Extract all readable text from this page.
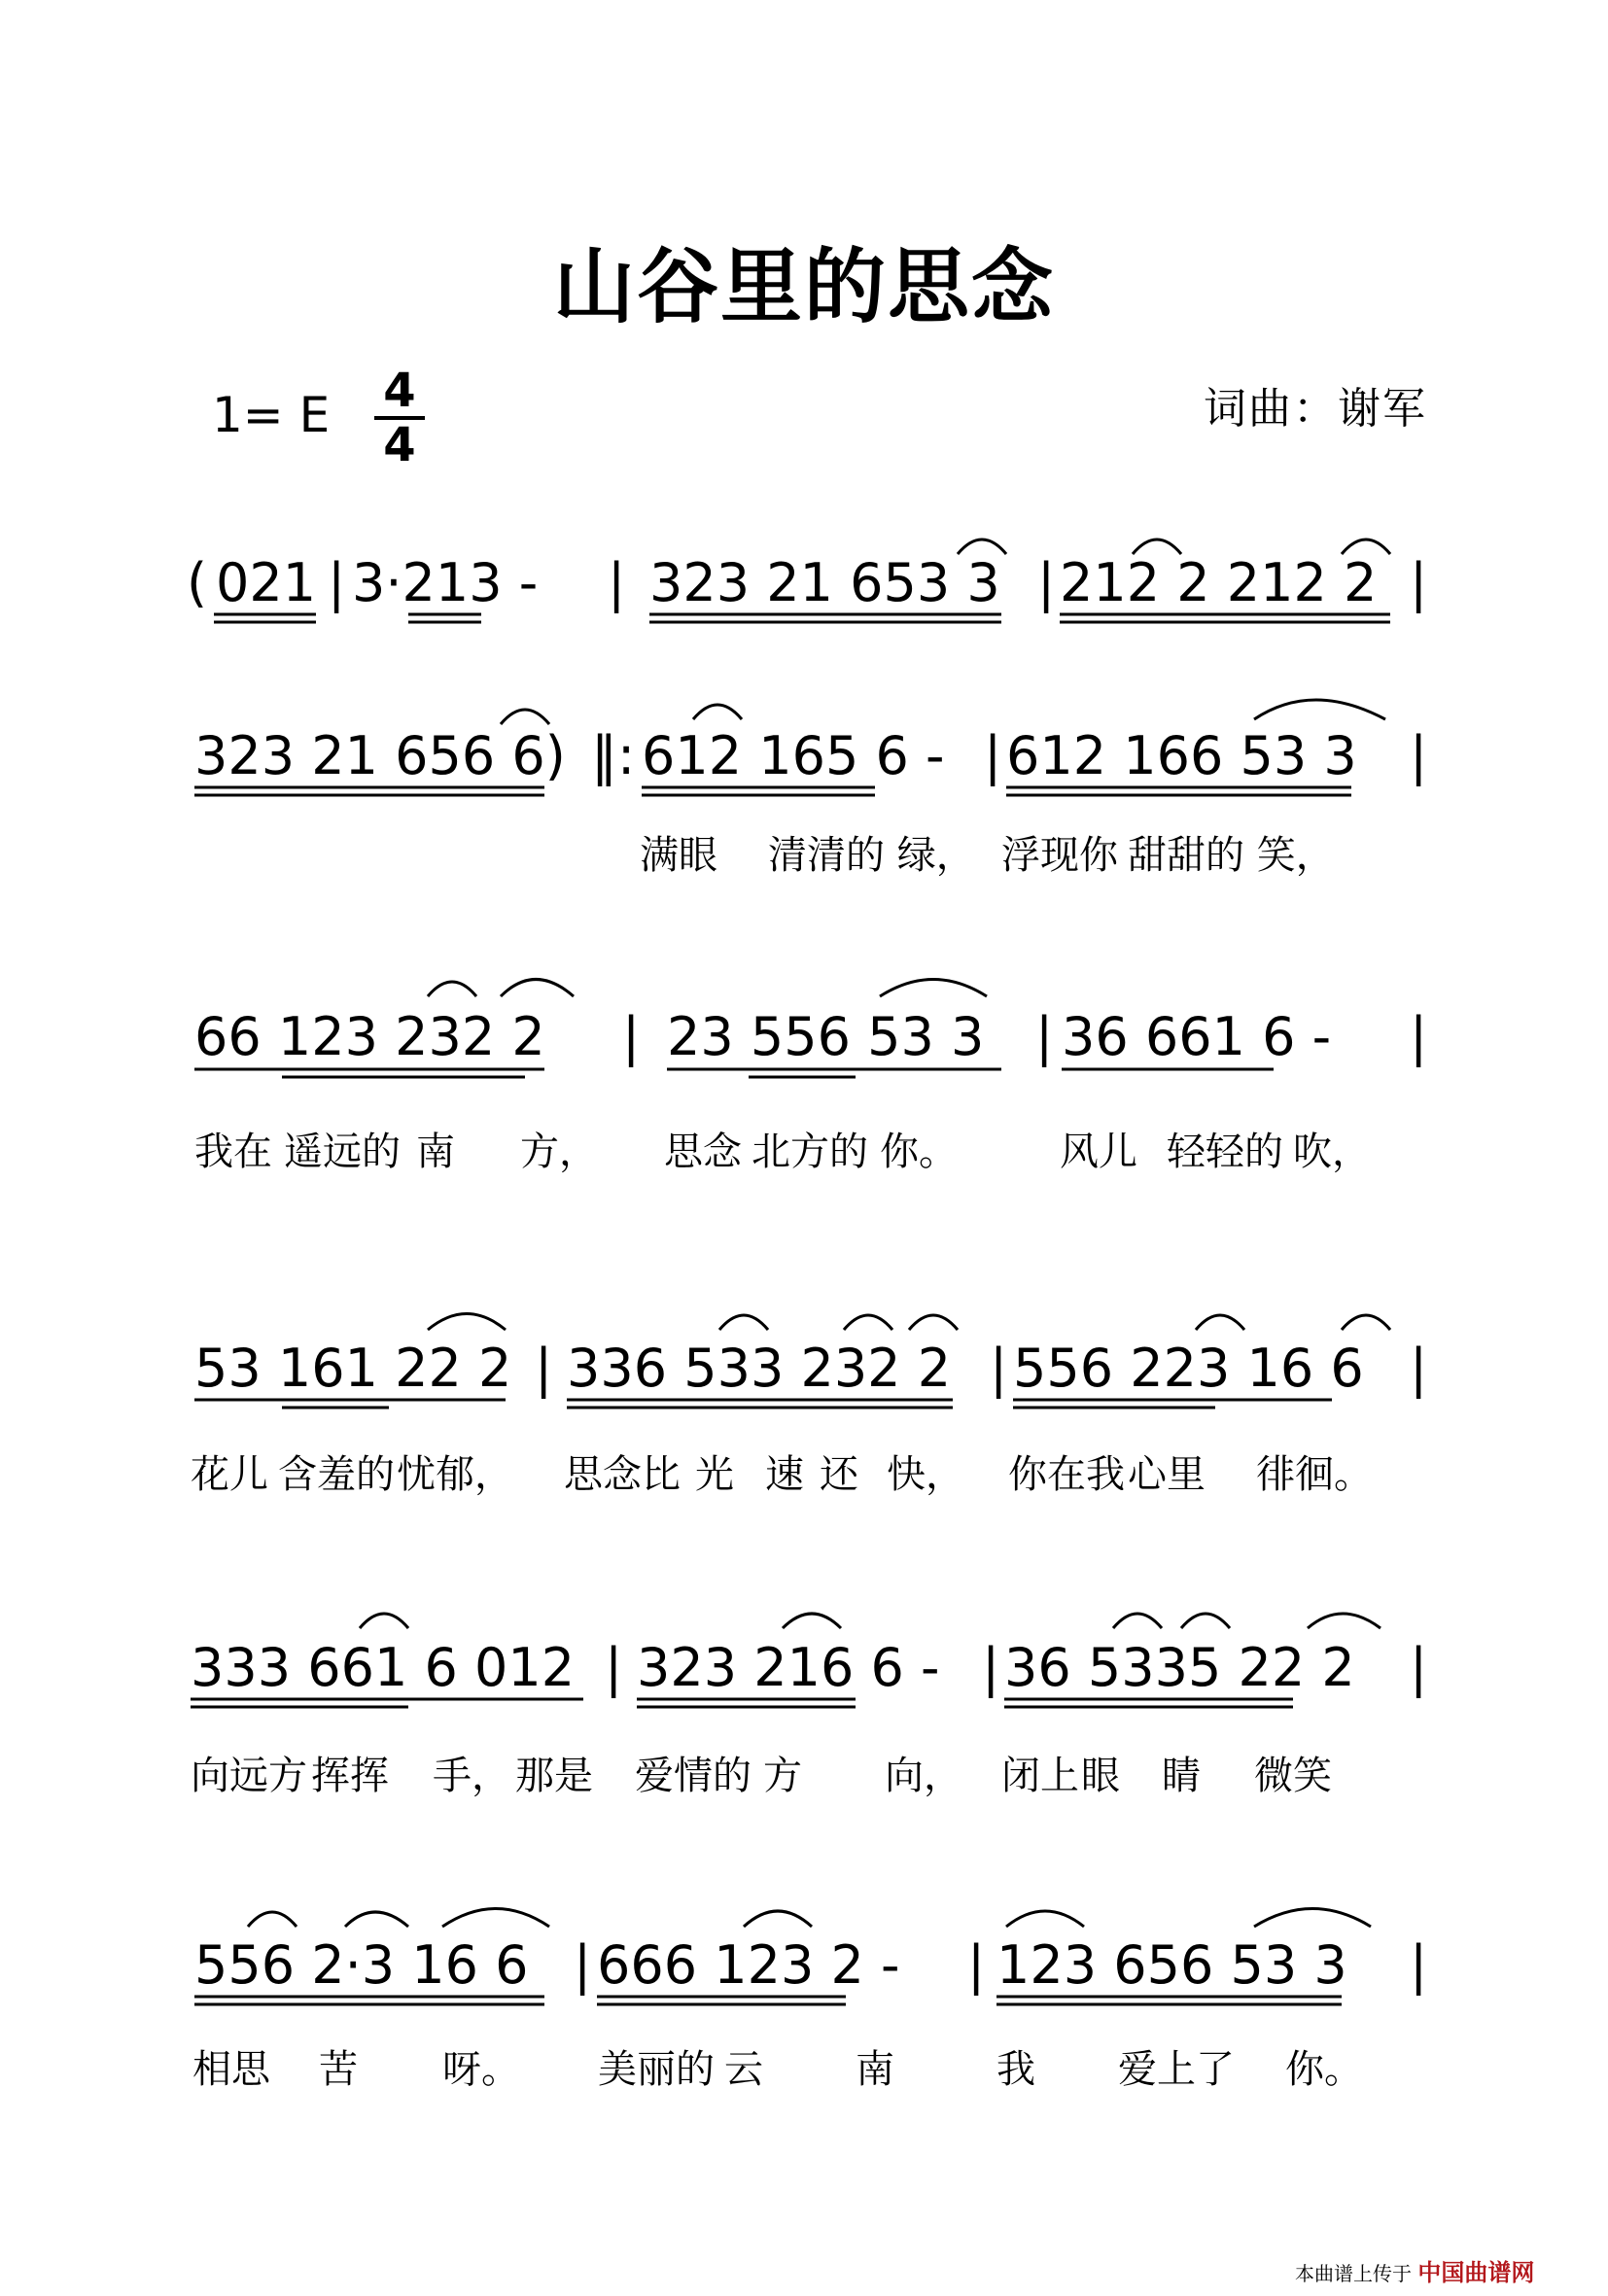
山谷里的思念
1= E 4
4
词曲：谢军
( 021 | 3·213 - | 323 21 653 3 | 212 2 212 2 |
323 21 656 6) ‖: 612 165 6 - | 612 166 53 3 |
满眼 清清的 绿， 浮现你 甜甜的 笑，
66 123 232 2 | 23 556 53 3 | 36 661 6 - |
我在 遥远的 南 方， 思念 北方的 你。	风儿 轻轻的 吹，
53 161 22 2 | 336 533 232 2 | 556 223 16 6 |
花儿 含羞的 忧郁， 思念比 光 速 还 快， 你在我 心里 徘徊。
333 661 6 012 | 323 216 6 - | 36 5335 22 2 |
向远方 挥挥 手， 那是 爱情的 方 向， 闭上 眼 睛 微笑
556 2·3 16 6 | 666 123 2 - | 123 656 53 3 |
相思 苦 呀。 美丽的 云 南	我 爱上了 你。
本曲谱上传于 中国曲谱网
